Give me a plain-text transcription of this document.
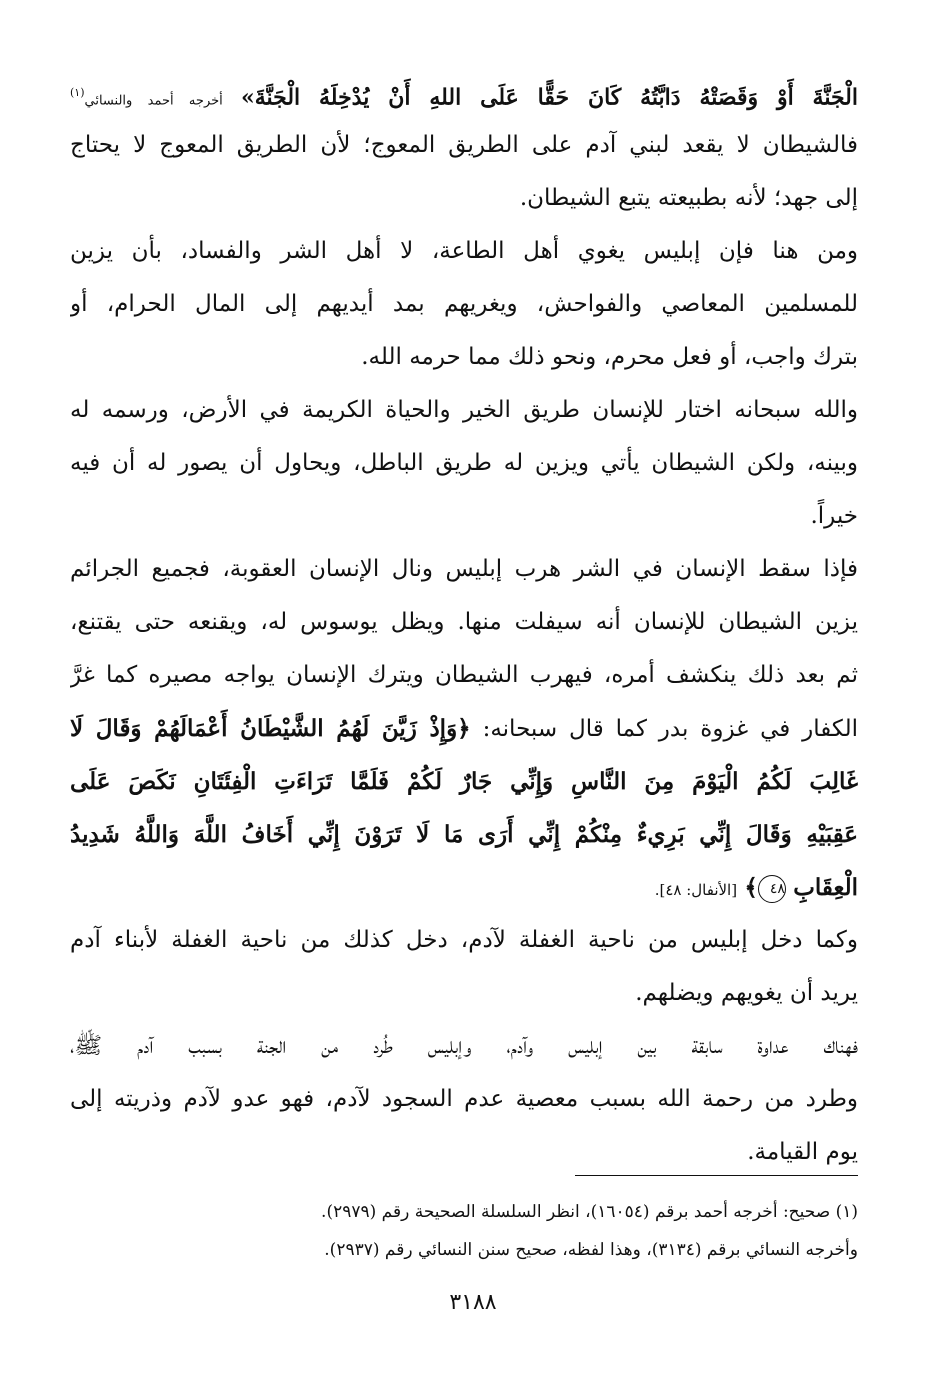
الْجَنَّةَ أَوْ وَقَصَتْهُ دَابَّتُهُ كَانَ حَقًّا عَلَى اللهِ أَنْ يُدْخِلَهُ الْجَنَّةَ» أخرجه أحمد والنسائي$^{(١)}$
فالشيطان لا يقعد لبني آدم على الطريق المعوج؛ لأن الطريق المعوج لا يحتاج
إلى جهد؛ لأنه بطبيعته يتبع الشيطان.
ومن هنا فإن إبليس يغوي أهل الطاعة، لا أهل الشر والفساد، بأن يزين
للمسلمين المعاصي والفواحش، ويغريهم بمد أيديهم إلى المال الحرام، أو
بترك واجب، أو فعل محرم، ونحو ذلك مما حرمه الله.
والله سبحانه اختار للإنسان طريق الخير والحياة الكريمة في الأرض، ورسمه له
وبينه، ولكن الشيطان يأتي ويزين له طريق الباطل، ويحاول أن يصور له أن فيه
خيراً.
فإذا سقط الإنسان في الشر هرب إبليس ونال الإنسان العقوبة، فجميع الجرائم
يزين الشيطان للإنسان أنه سيفلت منها. ويظل يوسوس له، ويقنعه حتى يقتنع،
ثم بعد ذلك ينكشف أمره، فيهرب الشيطان ويترك الإنسان يواجه مصيره كما غرَّ
الكفار في غزوة بدر كما قال سبحانه: ﴿وَإِذْ زَيَّنَ لَهُمُ الشَّيْطَانُ أَعْمَالَهُمْ وَقَالَ لَا
غَالِبَ لَكُمُ الْيَوْمَ مِنَ النَّاسِ وَإِنِّي جَارٌ لَكُمْ فَلَمَّا تَرَاءَتِ الْفِئَتَانِ نَكَصَ عَلَى
عَقِبَيْهِ وَقَالَ إِنِّي بَرِيءٌ مِنْكُمْ إِنِّي أَرَى مَا لَا تَرَوْنَ إِنِّي أَخَافُ اللَّهَ وَاللَّهُ شَدِيدُ
الْعِقَابِ ٤٨﴾ [الأنفال: ٤٨].
وكما دخل إبليس من ناحية الغفلة لآدم، دخل كذلك من ناحية الغفلة لأبناء آدم
يريد أن يغويهم ويضلهم.
فهناك عداوة سابقة بين إبليس وآدم، وإبليس طُرد من الجنة بسبب آدم ﷺ،
وطرد من رحمة الله بسبب معصية عدم السجود لآدم، فهو عدو لآدم وذريته إلى
يوم القيامة.
(١) صحيح: أخرجه أحمد برقم (١٦٠٥٤)، انظر السلسلة الصحيحة رقم (٢٩٧٩).
وأخرجه النسائي برقم (٣١٣٤)، وهذا لفظه، صحيح سنن النسائي رقم (٢٩٣٧).
٣١٨٨
